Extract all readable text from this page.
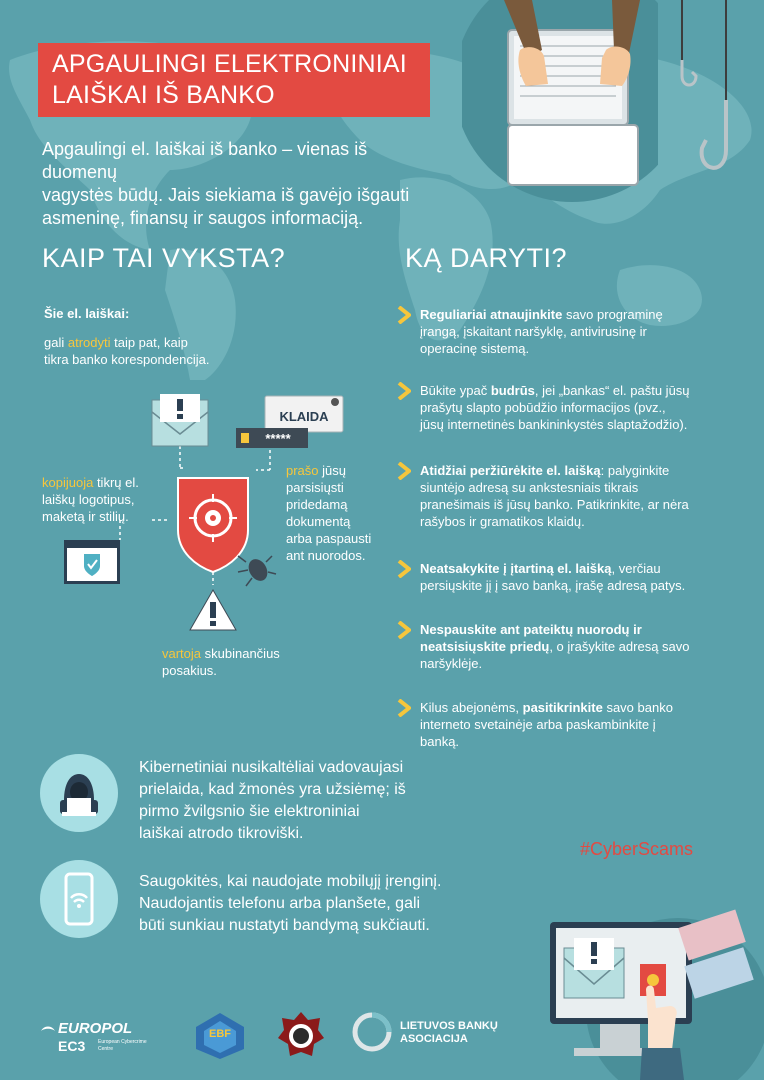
APGAULINGI ELEKTRONINIAI
LAIŠKAI IŠ BANKO
Apgaulingi el. laiškai iš banko – vienas iš duomenų
vagystės būdų. Jais siekiama iš gavėjo išgauti
asmeninę, finansų ir saugos informaciją.
KAIP TAI VYKSTA?	KĄ DARYTI?
Šie el. laiškai:
gali atrodyti taip pat, kaip
tikra banko korespondencija.
kopijuoja tikrų el.
laiškų logotipus,
maketą ir stilių.
prašo jūsų
parsisiųsti
pridedamą
dokumentą
arba paspausti
ant nuorodos.
vartoja skubinančius
posakius.
KLAIDA
*****
Reguliariai atnaujinkite savo programinę
įrangą, įskaitant naršyklę, antivirusinę ir
operacinę sistemą.
Būkite ypač budrūs, jei „bankas“ el. paštu jūsų
prašytų slapto pobūdžio informacijos (pvz.,
jūsų internetinės bankininkystės slaptažodžio).
Atidžiai peržiūrėkite el. laišką: palyginkite
siuntėjo adresą su ankstesniais tikrais
pranešimais iš jūsų banko. Patikrinkite, ar nėra
rašybos ir gramatikos klaidų.
Neatsakykite į įtartiną el. laišką, verčiau
persiųskite jį į savo banką, įrašę adresą patys.
Nespauskite ant pateiktų nuorodų ir
neatsisiųskite priedų, o įrašykite adresą savo
naršyklėje.
Kilus abejonėms, pasitikrinkite savo banko
interneto svetainėje arba paskambinkite į
banką.
Kibernetiniai nusikaltėliai vadovaujasi
prielaida, kad žmonės yra užsiėmę; iš
pirmo žvilgsnio šie elektroniniai
laiškai atrodo tikroviški.
Saugokitės, kai naudojate mobilųjį įrenginį.
Naudojantis telefonu arba planšete, gali
būti sunkiau nustatyti bandymą sukčiauti.
#CyberScams
EUROPOL
EC3	European Cybercrime
Centre
EBF
LIETUVOS BANKŲ
ASOCIACIJA
